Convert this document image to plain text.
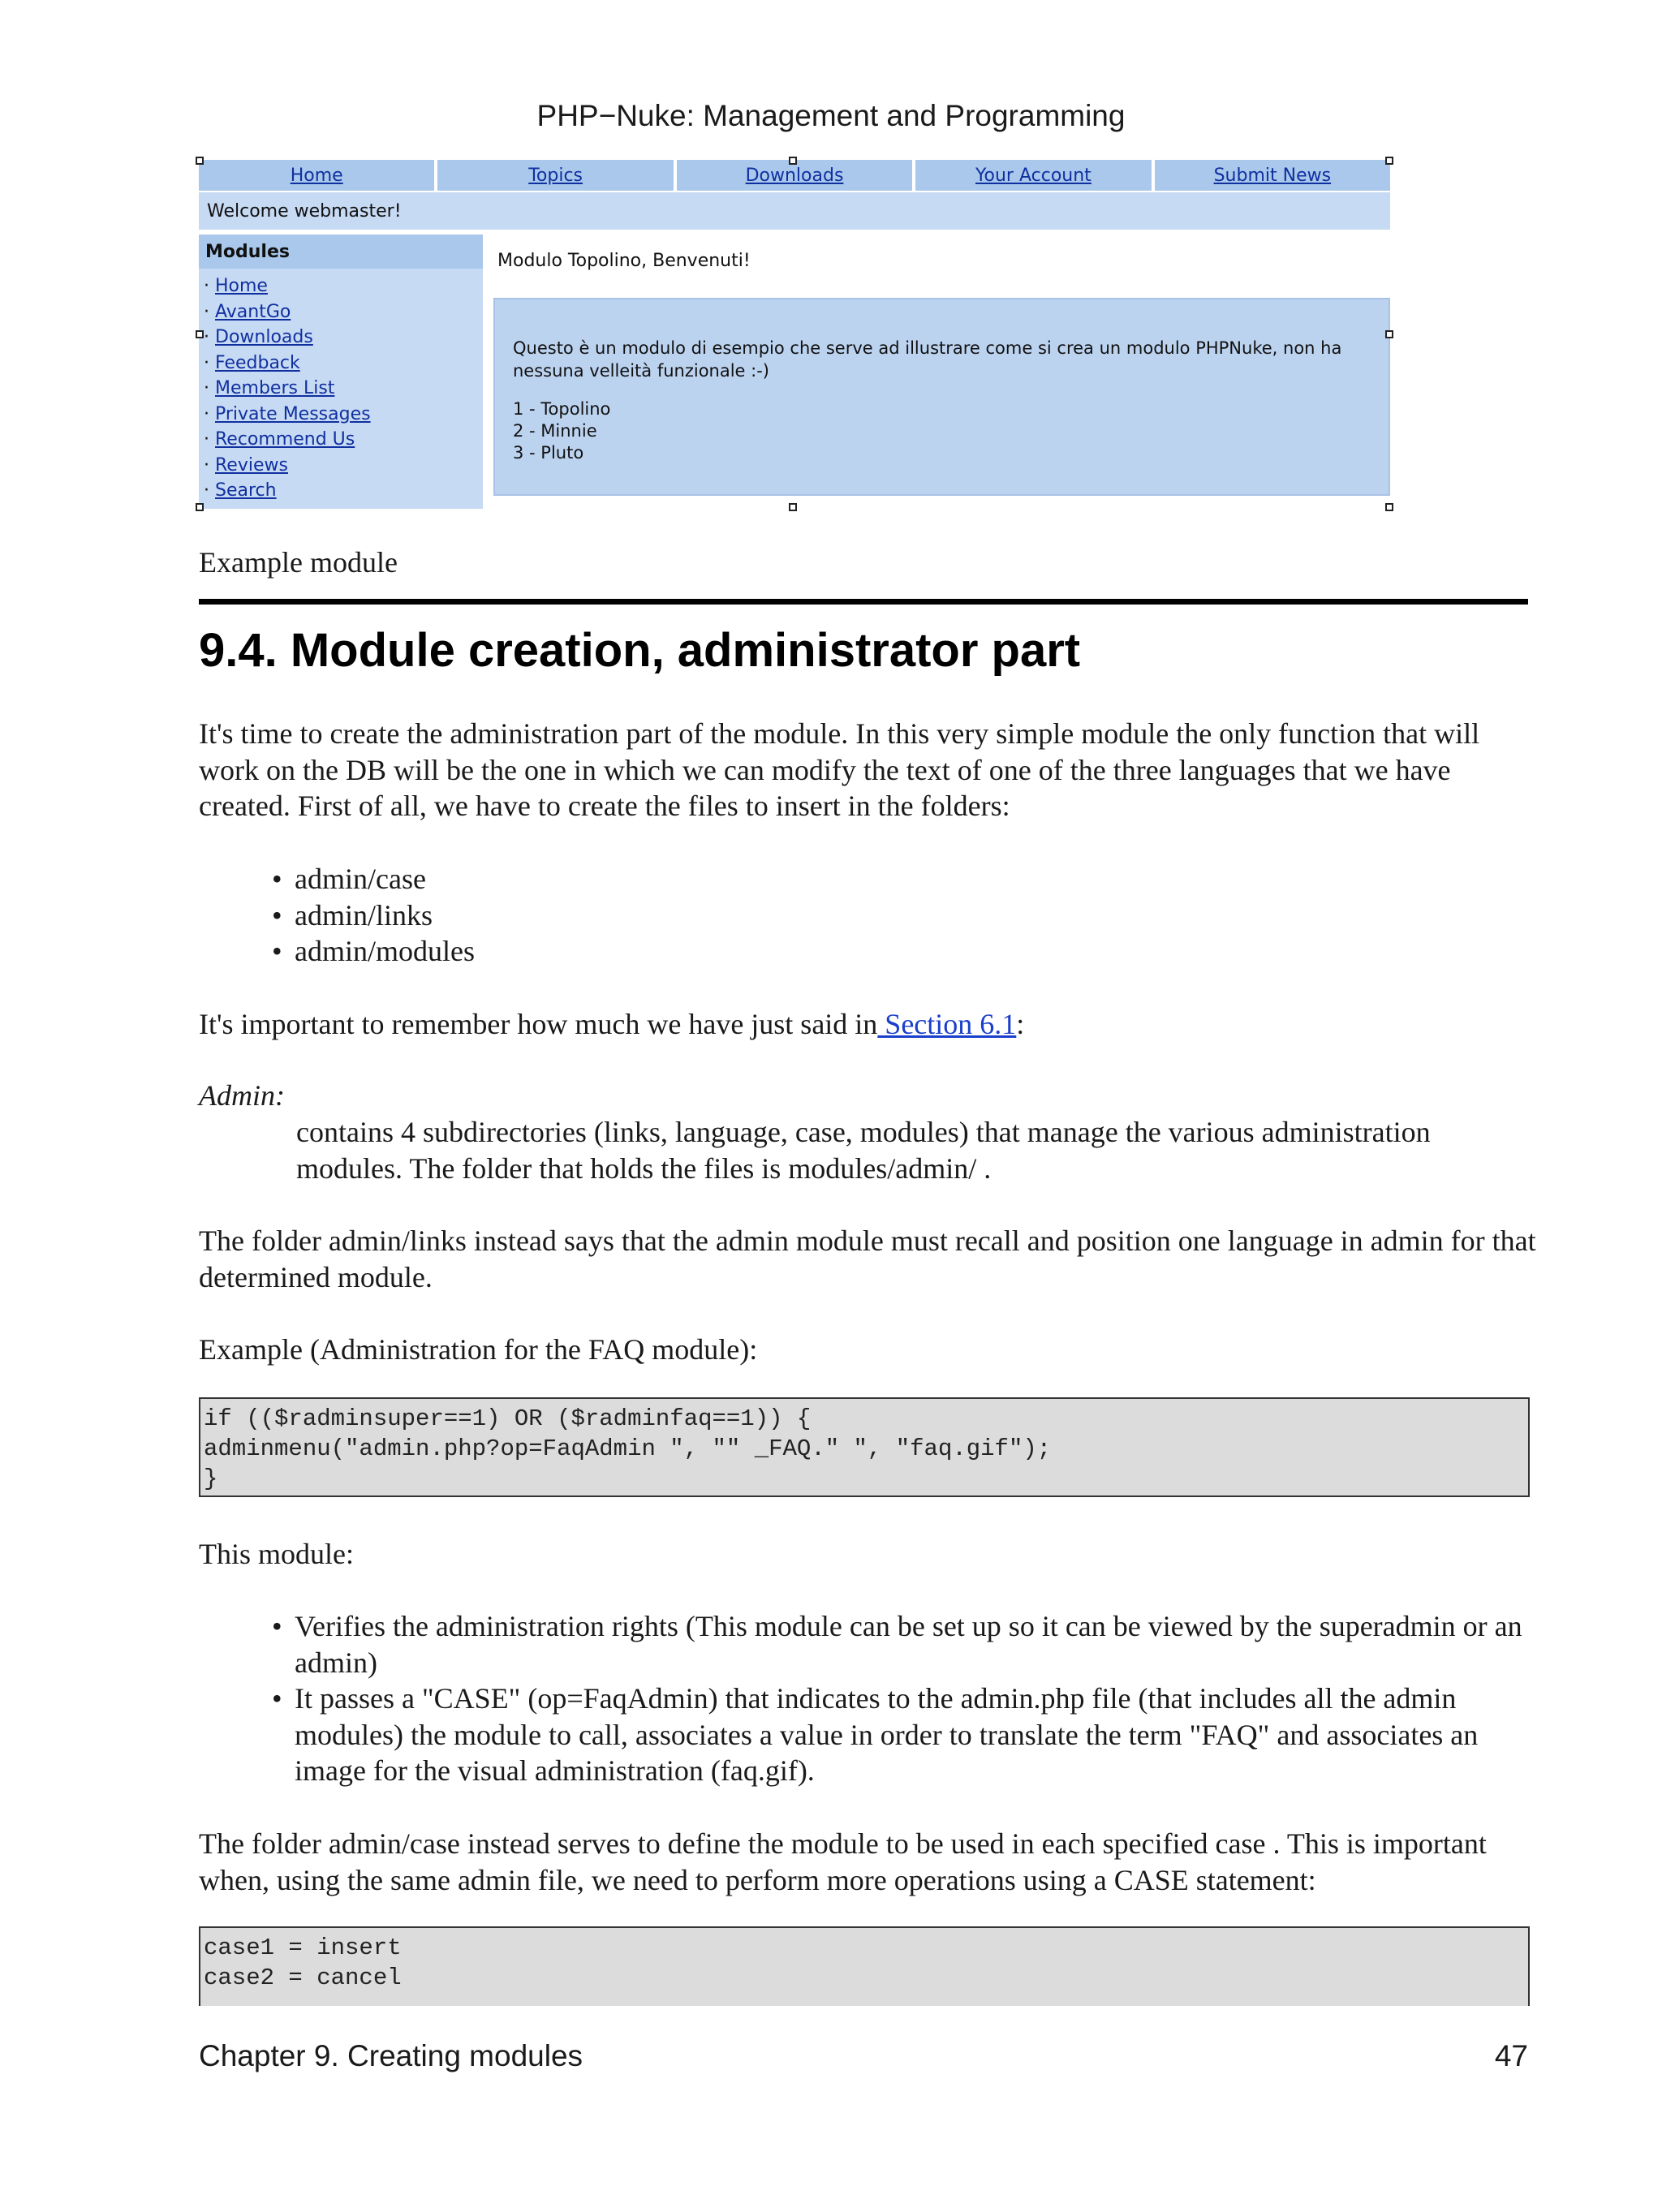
PHP−Nuke: Management and Programming
Home	Topics	Downloads	Your Account	Submit News
Welcome webmaster!
Modules
· Home
· AvantGo
· Downloads
· Feedback
· Members List
· Private Messages
· Recommend Us
· Reviews
· Search
Modulo Topolino, Benvenuti!
Questo è un modulo di esempio che serve ad illustrare come si crea un modulo PHPNuke, non ha nessuna velleità funzionale :-)

1 - Topolino

2 - Minnie

3 - Pluto

Example module
9.4. Module creation, administrator part

It's time to create the administration part of the module. In this very simple module the only function that will work on the DB will be the one in which we can modify the text of one of the three languages that we have created. First of all, we have to create the files to insert in the folders:

• admin/case
• admin/links
• admin/modules

It's important to remember how much we have just said in Section 6.1:

Admin:

contains 4 subdirectories (links, language, case, modules) that manage the various administration modules. The folder that holds the files is modules/admin/ .

The folder admin/links instead says that the admin module must recall and position one language in admin for that determined module.

Example (Administration for the FAQ module):

if (($radminsuper==1) OR ($radminfaq==1)) {
adminmenu("admin.php?op=FaqAdmin ", "" _FAQ." ", "faq.gif");
}

This module:

• Verifies the administration rights (This module can be set up so it can be viewed by the superadmin or an admin)
• It passes a "CASE" (op=FaqAdmin) that indicates to the admin.php file (that includes all the admin modules) the module to call, associates a value in order to translate the term "FAQ" and associates an image for the visual administration (faq.gif).

The folder admin/case instead serves to define the module to be used in each specified case . This is important when, using the same admin file, we need to perform more operations using a CASE statement:

case1 = insert
case2 = cancel
Chapter 9. Creating modules	47
